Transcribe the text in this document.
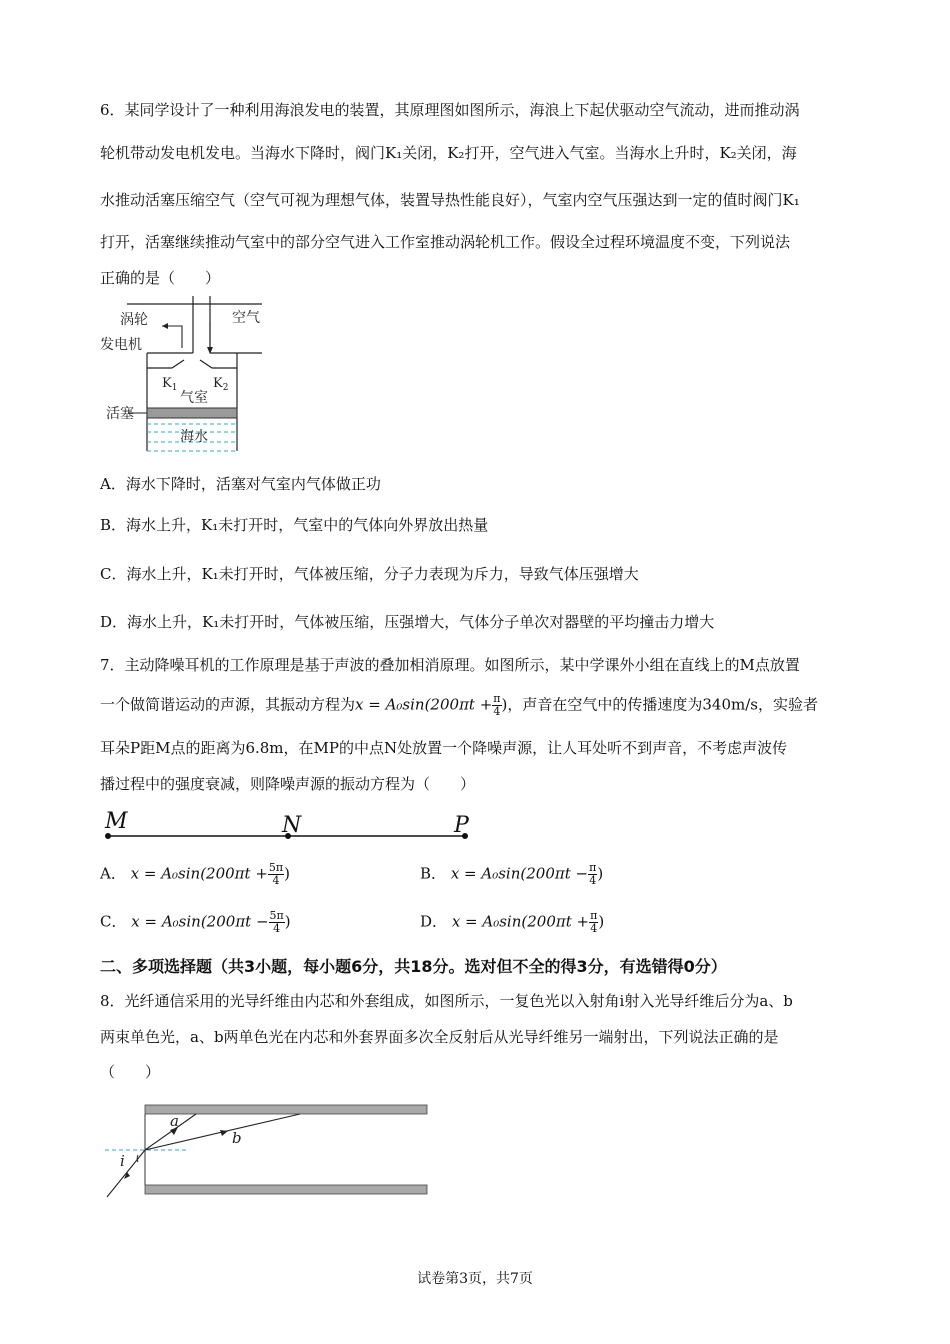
6．某同学设计了一种利用海浪发电的装置，其原理图如图所示，海浪上下起伏驱动空气流动，进而推动涡
轮机带动发电机发电。当海水下降时，阀门K₁关闭，K₂打开，空气进入气室。当海水上升时，K₂关闭，海
水推动活塞压缩空气（空气可视为理想气体，装置导热性能良好），气室内空气压强达到一定的值时阀门K₁
打开，活塞继续推动气室中的部分空气进入工作室推动涡轮机工作。假设全过程环境温度不变，下列说法
正确的是（　　）
涡轮
发电机
空气
$K_1$	$K_2$
气室
活塞
海水
A．海水下降时，活塞对气室内气体做正功
B．海水上升，K₁未打开时，气室中的气体向外界放出热量
C．海水上升，K₁未打开时，气体被压缩，分子力表现为斥力，导致气体压强增大
D．海水上升，K₁未打开时，气体被压缩，压强增大，气体分子单次对器壁的平均撞击力增大
7．主动降噪耳机的工作原理是基于声波的叠加相消原理。如图所示，某中学课外小组在直线上的M点放置
一个做简谐运动的声源，其振动方程为$x = A_0\sin(200\pi t + \frac{\pi}{4}$ )，声音在空气中的传播速度为340m/s，实验者
耳朵P距M点的距离为6.8m，在MP的中点N处放置一个降噪声源，让人耳处听不到声音，不考虑声波传
播过程中的强度衰减，则降噪声源的振动方程为（　　）
M	N	P
A． $x = A_0\sin(200\pi t + \frac{5\pi}{4}$ )	B． $x = A_0\sin(200\pi t - \frac{\pi}{4}$ )
C． $x = A_0\sin(200\pi t - \frac{5\pi}{4}$ )	D． $x = A_0\sin(200\pi t + \frac{\pi}{4}$ )
二、多项选择题（共3小题，每小题6分，共18分。选对但不全的得3分，有选错得0分）
8．光纤通信采用的光导纤维由内芯和外套组成，如图所示，一复色光以入射角i射入光导纤维后分为a、b
两束单色光，a、b两单色光在内芯和外套界面多次全反射后从光导纤维另一端射出，下列说法正确的是
（　　）
a
b
i
试卷第3页，共7页
